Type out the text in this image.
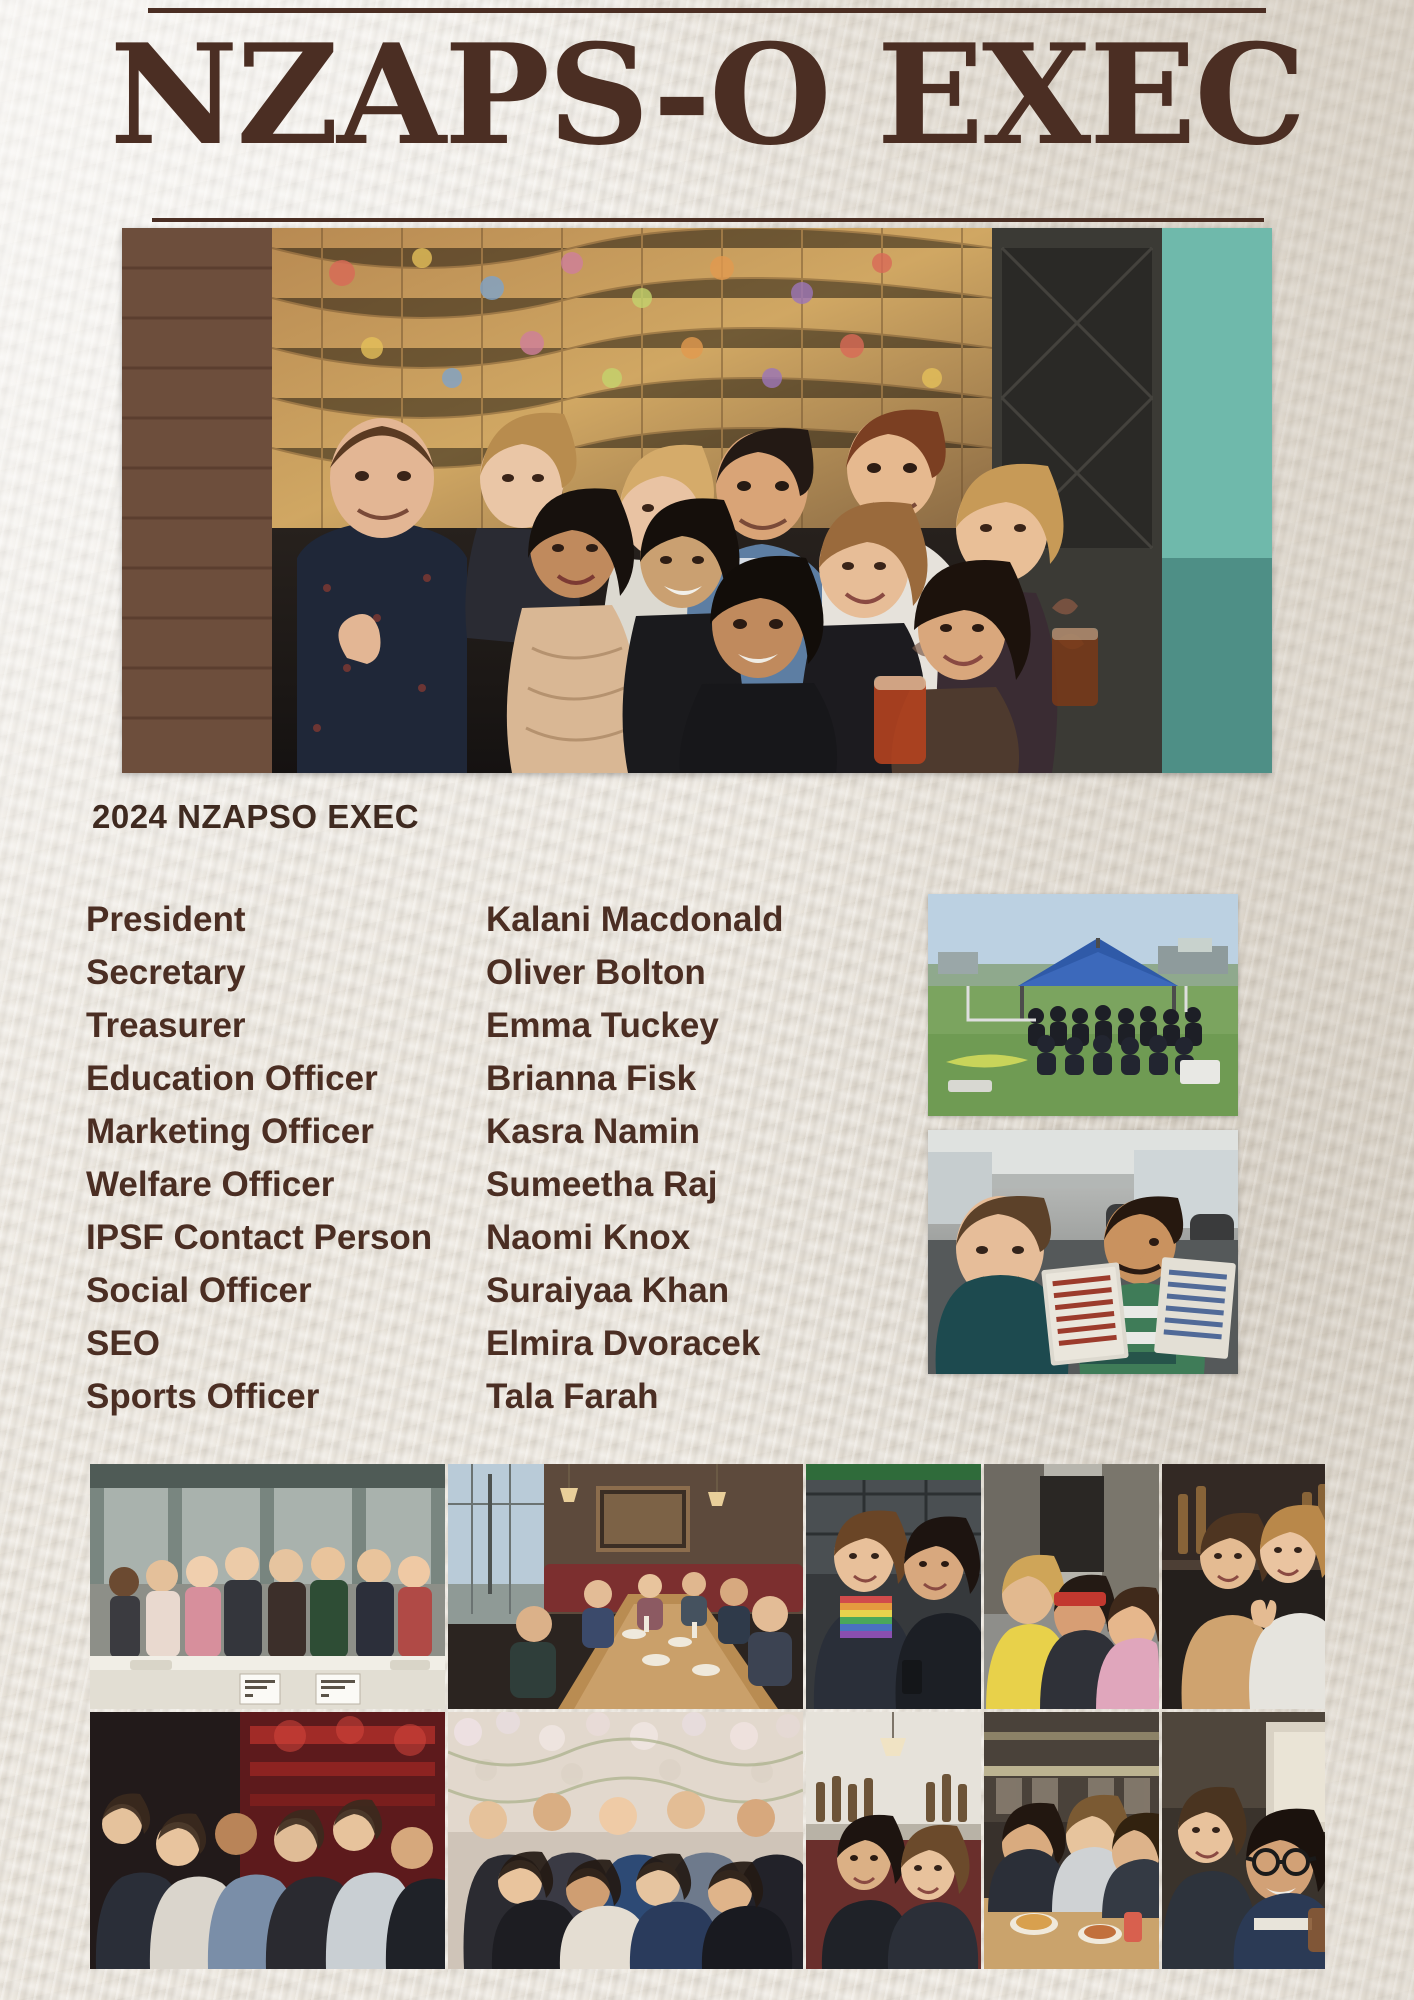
NZAPS-O EXEC
2024 NZAPSO EXEC
President	Kalani Macdonald
Secretary	Oliver Bolton
Treasurer	Emma Tuckey
Education Officer	Brianna Fisk
Marketing Officer	Kasra Namin
Welfare Officer	Sumeetha Raj
IPSF Contact Person	Naomi Knox
Social Officer	Suraiyaa Khan
SEO	Elmira Dvoracek
Sports Officer	Tala Farah
